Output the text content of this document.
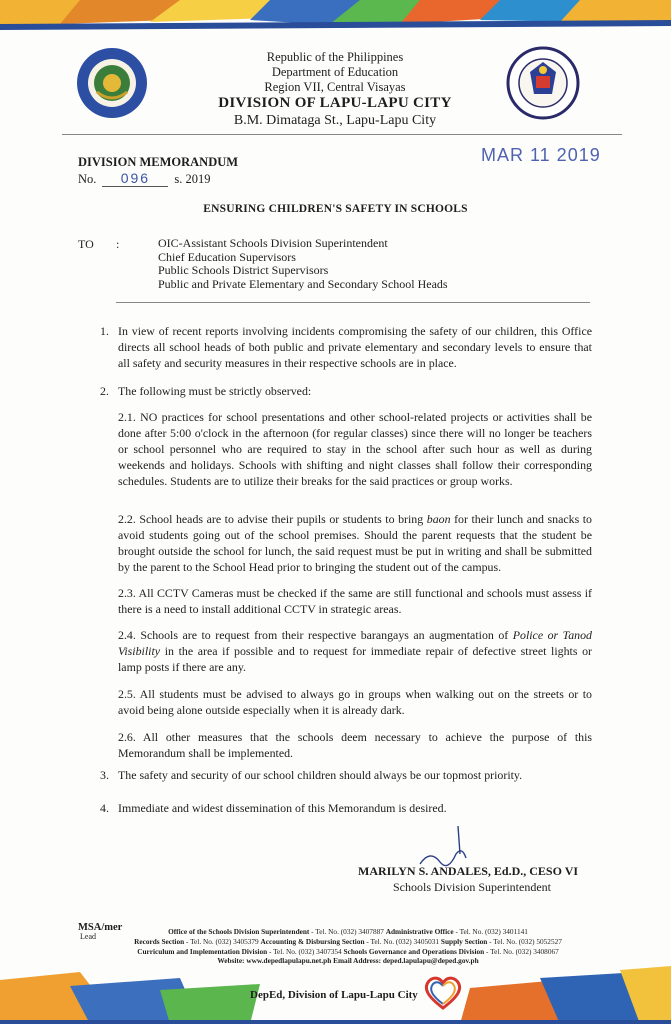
Republic of the Philippines
Department of Education
Region VII, Central Visayas
DIVISION OF LAPU-LAPU CITY
B.M. Dimataga St., Lapu-Lapu City
DIVISION MEMORANDUM
No. 096 s. 2019
MAR 11 2019
ENSURING CHILDREN'S SAFETY IN SCHOOLS
TO :	OIC-Assistant Schools Division Superintendent
Chief Education Supervisors
Public Schools District Supervisors
Public and Private Elementary and Secondary School Heads
1. In view of recent reports involving incidents compromising the safety of our children, this Office directs all school heads of both public and private elementary and secondary levels to ensure that all safety and security measures in their respective schools are in place.
2. The following must be strictly observed:
2.1. NO practices for school presentations and other school-related projects or activities shall be done after 5:00 o'clock in the afternoon (for regular classes) since there will no longer be teachers or school personnel who are required to stay in the school after such hour as well as during weekends and holidays. Schools with shifting and night classes shall follow their corresponding schedules. Students are to utilize their breaks for the said practices or group works.
2.2. School heads are to advise their pupils or students to bring baon for their lunch and snacks to avoid students going out of the school premises. Should the parent requests that the student be brought outside the school for lunch, the said request must be put in writing and shall be submitted by the parent to the School Head prior to bringing the student out of the campus.
2.3. All CCTV Cameras must be checked if the same are still functional and schools must assess if there is a need to install additional CCTV in strategic areas.
2.4. Schools are to request from their respective barangays an augmentation of Police or Tanod Visibility in the area if possible and to request for immediate repair of defective street lights or lamp posts if there are any.
2.5. All students must be advised to always go in groups when walking out on the streets or to avoid being alone outside especially when it is already dark.
2.6. All other measures that the schools deem necessary to achieve the purpose of this Memorandum shall be implemented.
3. The safety and security of our school children should always be our topmost priority.
4. Immediate and widest dissemination of this Memorandum is desired.
MARILYN S. ANDALES, Ed.D., CESO VI
Schools Division Superintendent
MSA/mer
Lead
Office of the Schools Division Superintendent - Tel. No. (032) 3407887 Administrative Office - Tel. No. (032) 3401141
Records Section - Tel. No. (032) 3405379 Accounting & Disbursing Section - Tel. No. (032) 3405031 Supply Section - Tel. No. (032) 5052527
Curriculum and Implementation Division - Tel. No. (032) 3407354 Schools Governance and Operations Division - Tel. No. (032) 3408067
Website: www.depedlapulapu.net.ph Email Address: deped.lapulapu@deped.gov.ph
DepEd, Division of Lapu-Lapu City
